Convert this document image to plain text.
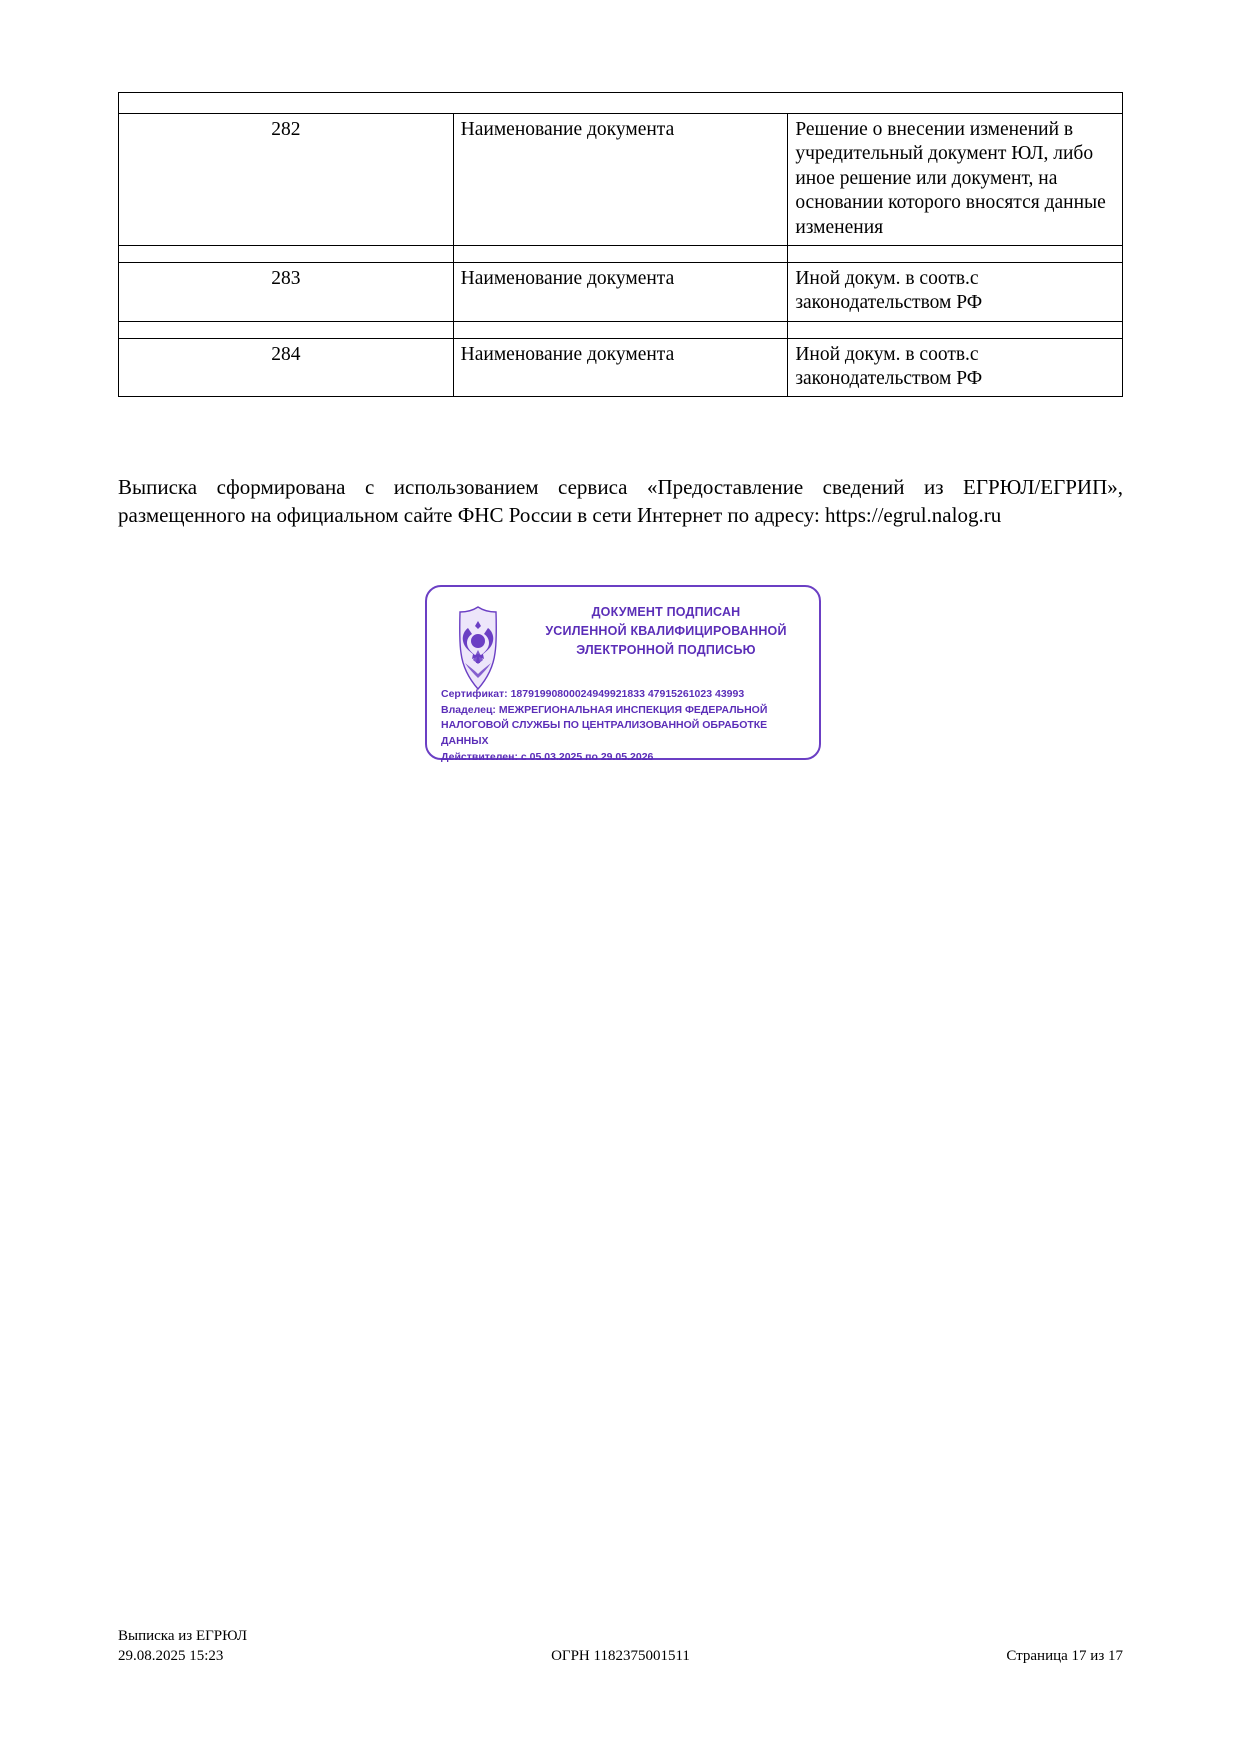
282	Наименование документа	Решение о внесении изменений в учредительный документ ЮЛ, либо иное решение или документ, на основании которого вносятся данные изменения

283	Наименование документа	Иной докум. в соотв.с законодательством РФ

284	Наименование документа	Иной докум. в соотв.с законодательством РФ
Выписка сформирована с использованием сервиса «Предоставление сведений из ЕГРЮЛ/ЕГРИП», размещенного на официальном сайте ФНС России в сети Интернет по адресу: https://egrul.nalog.ru
ДОКУМЕНТ ПОДПИСАН
УСИЛЕННОЙ КВАЛИФИЦИРОВАННОЙ
ЭЛЕКТРОННОЙ ПОДПИСЬЮ
Сертификат: 18791990800024949921833 47915261023 43993
Владелец: МЕЖРЕГИОНАЛЬНАЯ ИНСПЕКЦИЯ ФЕДЕРАЛЬНОЙ НАЛОГОВОЙ СЛУЖБЫ ПО ЦЕНТРАЛИЗОВАННОЙ ОБРАБОТКЕ ДАННЫХ
Действителен: с 05.03.2025 по 29.05.2026
Выписка из ЕГРЮЛ
29.08.2025 15:23	ОГРН 1182375001511	Страница 17 из 17
